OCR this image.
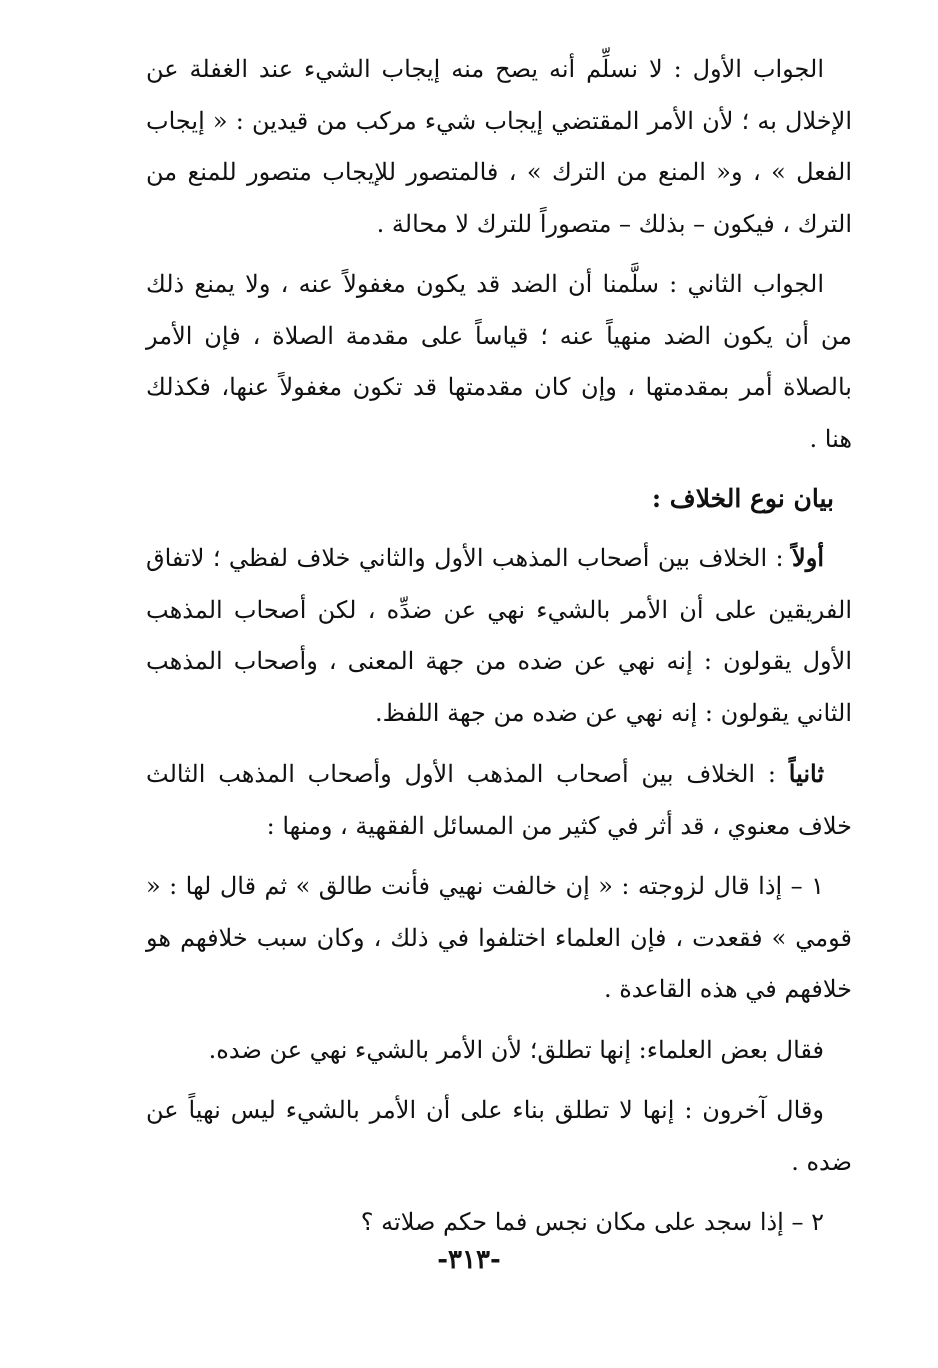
الجواب الأول : لا نسلِّم أنه يصح منه إيجاب الشيء عند الغفلة عن الإخلال به ؛ لأن الأمر المقتضي إيجاب شيء مركب من قيدين : « إيجاب الفعل » ، و« المنع من الترك » ، فالمتصور للإيجاب متصور للمنع من الترك ، فيكون – بذلك – متصوراً للترك لا محالة .

الجواب الثاني : سلَّمنا أن الضد قد يكون مغفولاً عنه ، ولا يمنع ذلك من أن يكون الضد منهياً عنه ؛ قياساً على مقدمة الصلاة ، فإن الأمر بالصلاة أمر بمقدمتها ، وإن كان مقدمتها قد تكون مغفولاً عنها، فكذلك هنا .

بيان نوع الخلاف :

أولاً : الخلاف بين أصحاب المذهب الأول والثاني خلاف لفظي ؛ لاتفاق الفريقين على أن الأمر بالشيء نهي عن ضدِّه ، لكن أصحاب المذهب الأول يقولون : إنه نهي عن ضده من جهة المعنى ، وأصحاب المذهب الثاني يقولون : إنه نهي عن ضده من جهة اللفظ.

ثانياً : الخلاف بين أصحاب المذهب الأول وأصحاب المذهب الثالث خلاف معنوي ، قد أثر في كثير من المسائل الفقهية ، ومنها :

١ – إذا قال لزوجته : « إن خالفت نهيي فأنت طالق » ثم قال لها : « قومي » فقعدت ، فإن العلماء اختلفوا في ذلك ، وكان سبب خلافهم هو خلافهم في هذه القاعدة .

فقال بعض العلماء: إنها تطلق؛ لأن الأمر بالشيء نهي عن ضده.

وقال آخرون : إنها لا تطلق بناء على أن الأمر بالشيء ليس نهياً عن ضده .

٢ – إذا سجد على مكان نجس فما حكم صلاته ؟

-٣١٣-
